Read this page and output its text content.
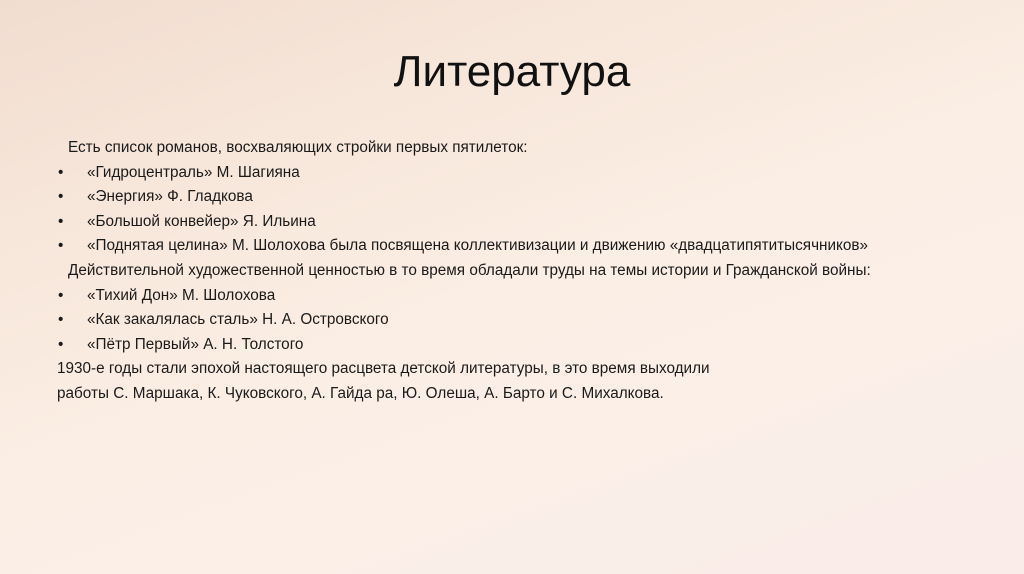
Литература
Есть список романов, восхваляющих стройки первых пятилеток:
• «Гидроцентраль» М. Шагияна
• «Энергия» Ф. Гладкова
• «Большой конвейер» Я. Ильина
• «Поднятая целина» М. Шолохова была посвящена коллективизации и движению «двадцатипятитысячников»
Действительной художественной ценностью в то время обладали труды на темы истории и Гражданской войны:
• «Тихий Дон» М. Шолохова
• «Как закалялась сталь» Н. А. Островского
• «Пётр Первый» А. Н. Толстого
1930-е годы стали эпохой настоящего расцвета детской литературы, в это время выходили
работы С. Маршака, К. Чуковского, А. Гайда ра, Ю. Олеша, А. Барто и С. Михалкова.
